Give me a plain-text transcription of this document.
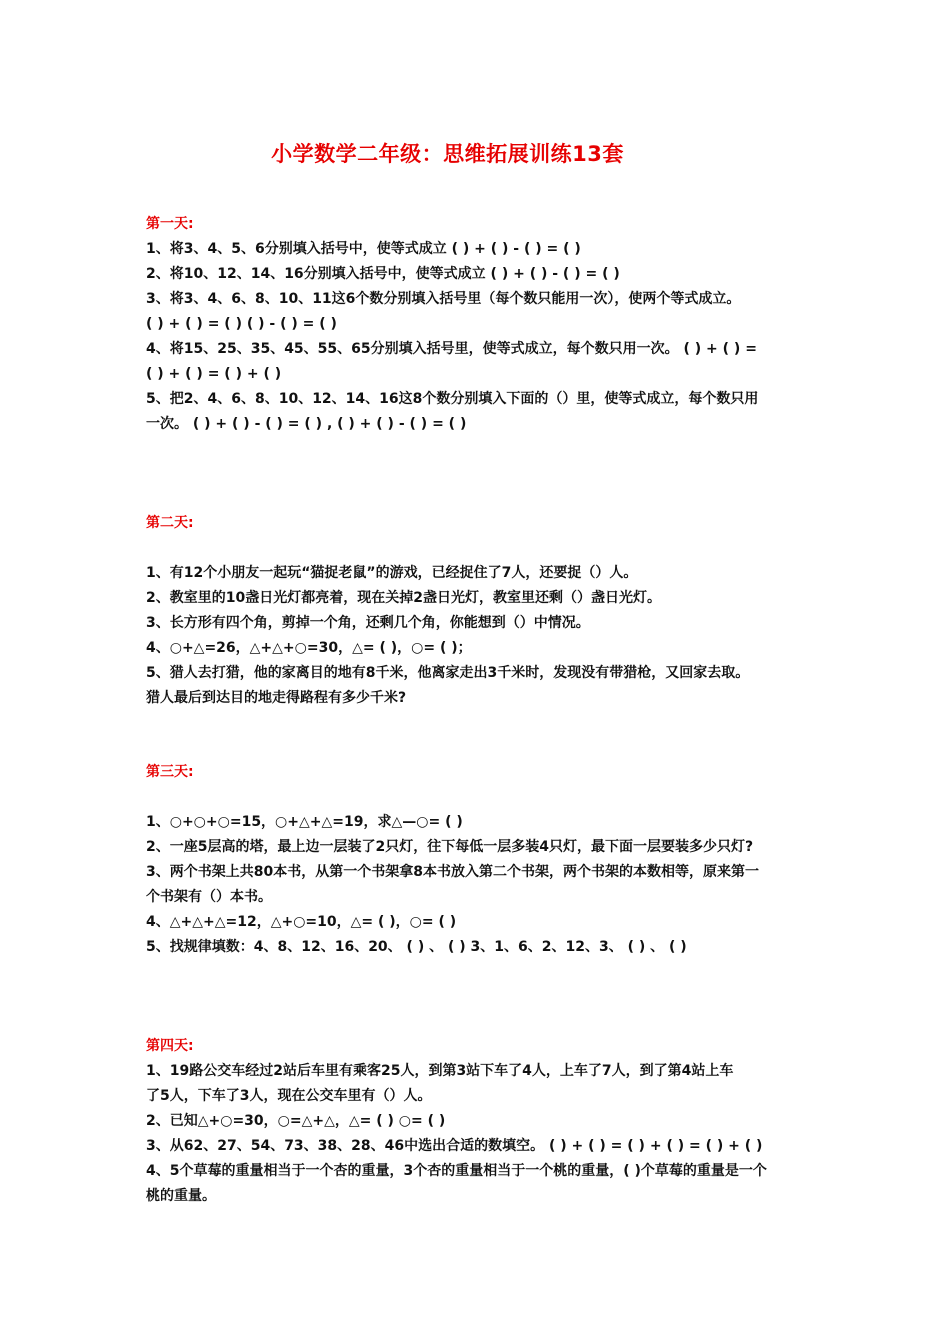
小学数学二年级：思维拓展训练13套
第一天:
1、将3、4、5、6分别填入括号中，使等式成立 ( ) + ( ) - ( ) = ( )
2、将10、12、14、16分别填入括号中，使等式成立 ( ) + ( ) - ( ) = ( )
3、将3、4、6、8、10、11这6个数分别填入括号里（每个数只能用一次），使两个等式成立。
( ) + ( ) = ( ) ( ) - ( ) = ( )
4、将15、25、35、45、55、65分别填入括号里，使等式成立，每个数只用一次。 ( ) + ( ) =
( ) + ( ) = ( ) + ( )
5、把2、4、6、8、10、12、14、16这8个数分别填入下面的（）里，使等式成立，每个数只用
一次。 ( ) + ( ) - ( ) = ( ) , ( ) + ( ) - ( ) = ( )
第二天:
1、有12个小朋友一起玩“猫捉老鼠”的游戏，已经捉住了7人，还要捉（）人。
2、教室里的10盏日光灯都亮着，现在关掉2盏日光灯，教室里还剩（）盏日光灯。
3、长方形有四个角，剪掉一个角，还剩几个角，你能想到（）中情况。
4、○+△=26，△+△+○=30，△= ( )，○= ( )；
5、猎人去打猎，他的家离目的地有8千米，他离家走出3千米时，发现没有带猎枪，又回家去取。
猎人最后到达目的地走得路程有多少千米?
第三天:
1、○+○+○=15，○+△+△=19，求△—○= ( )
2、一座5层高的塔，最上边一层装了2只灯，往下每低一层多装4只灯，最下面一层要装多少只灯?
3、两个书架上共80本书，从第一个书架拿8本书放入第二个书架，两个书架的本数相等，原来第一
个书架有（）本书。
4、△+△+△=12，△+○=10，△= ( )，○= ( )
5、找规律填数：4、8、12、16、20、 ( ) 、 ( ) 3、1、6、2、12、3、 ( ) 、 ( )
第四天:
1、19路公交车经过2站后车里有乘客25人，到第3站下车了4人，上车了7人，到了第4站上车
了5人，下车了3人，现在公交车里有（）人。
2、已知△+○=30，○=△+△，△= ( ) ○= ( )
3、从62、27、54、73、38、28、46中选出合适的数填空。 ( ) + ( ) = ( ) + ( ) = ( ) + ( )
4、5个草莓的重量相当于一个杏的重量，3个杏的重量相当于一个桃的重量，( )个草莓的重量是一个
桃的重量。
